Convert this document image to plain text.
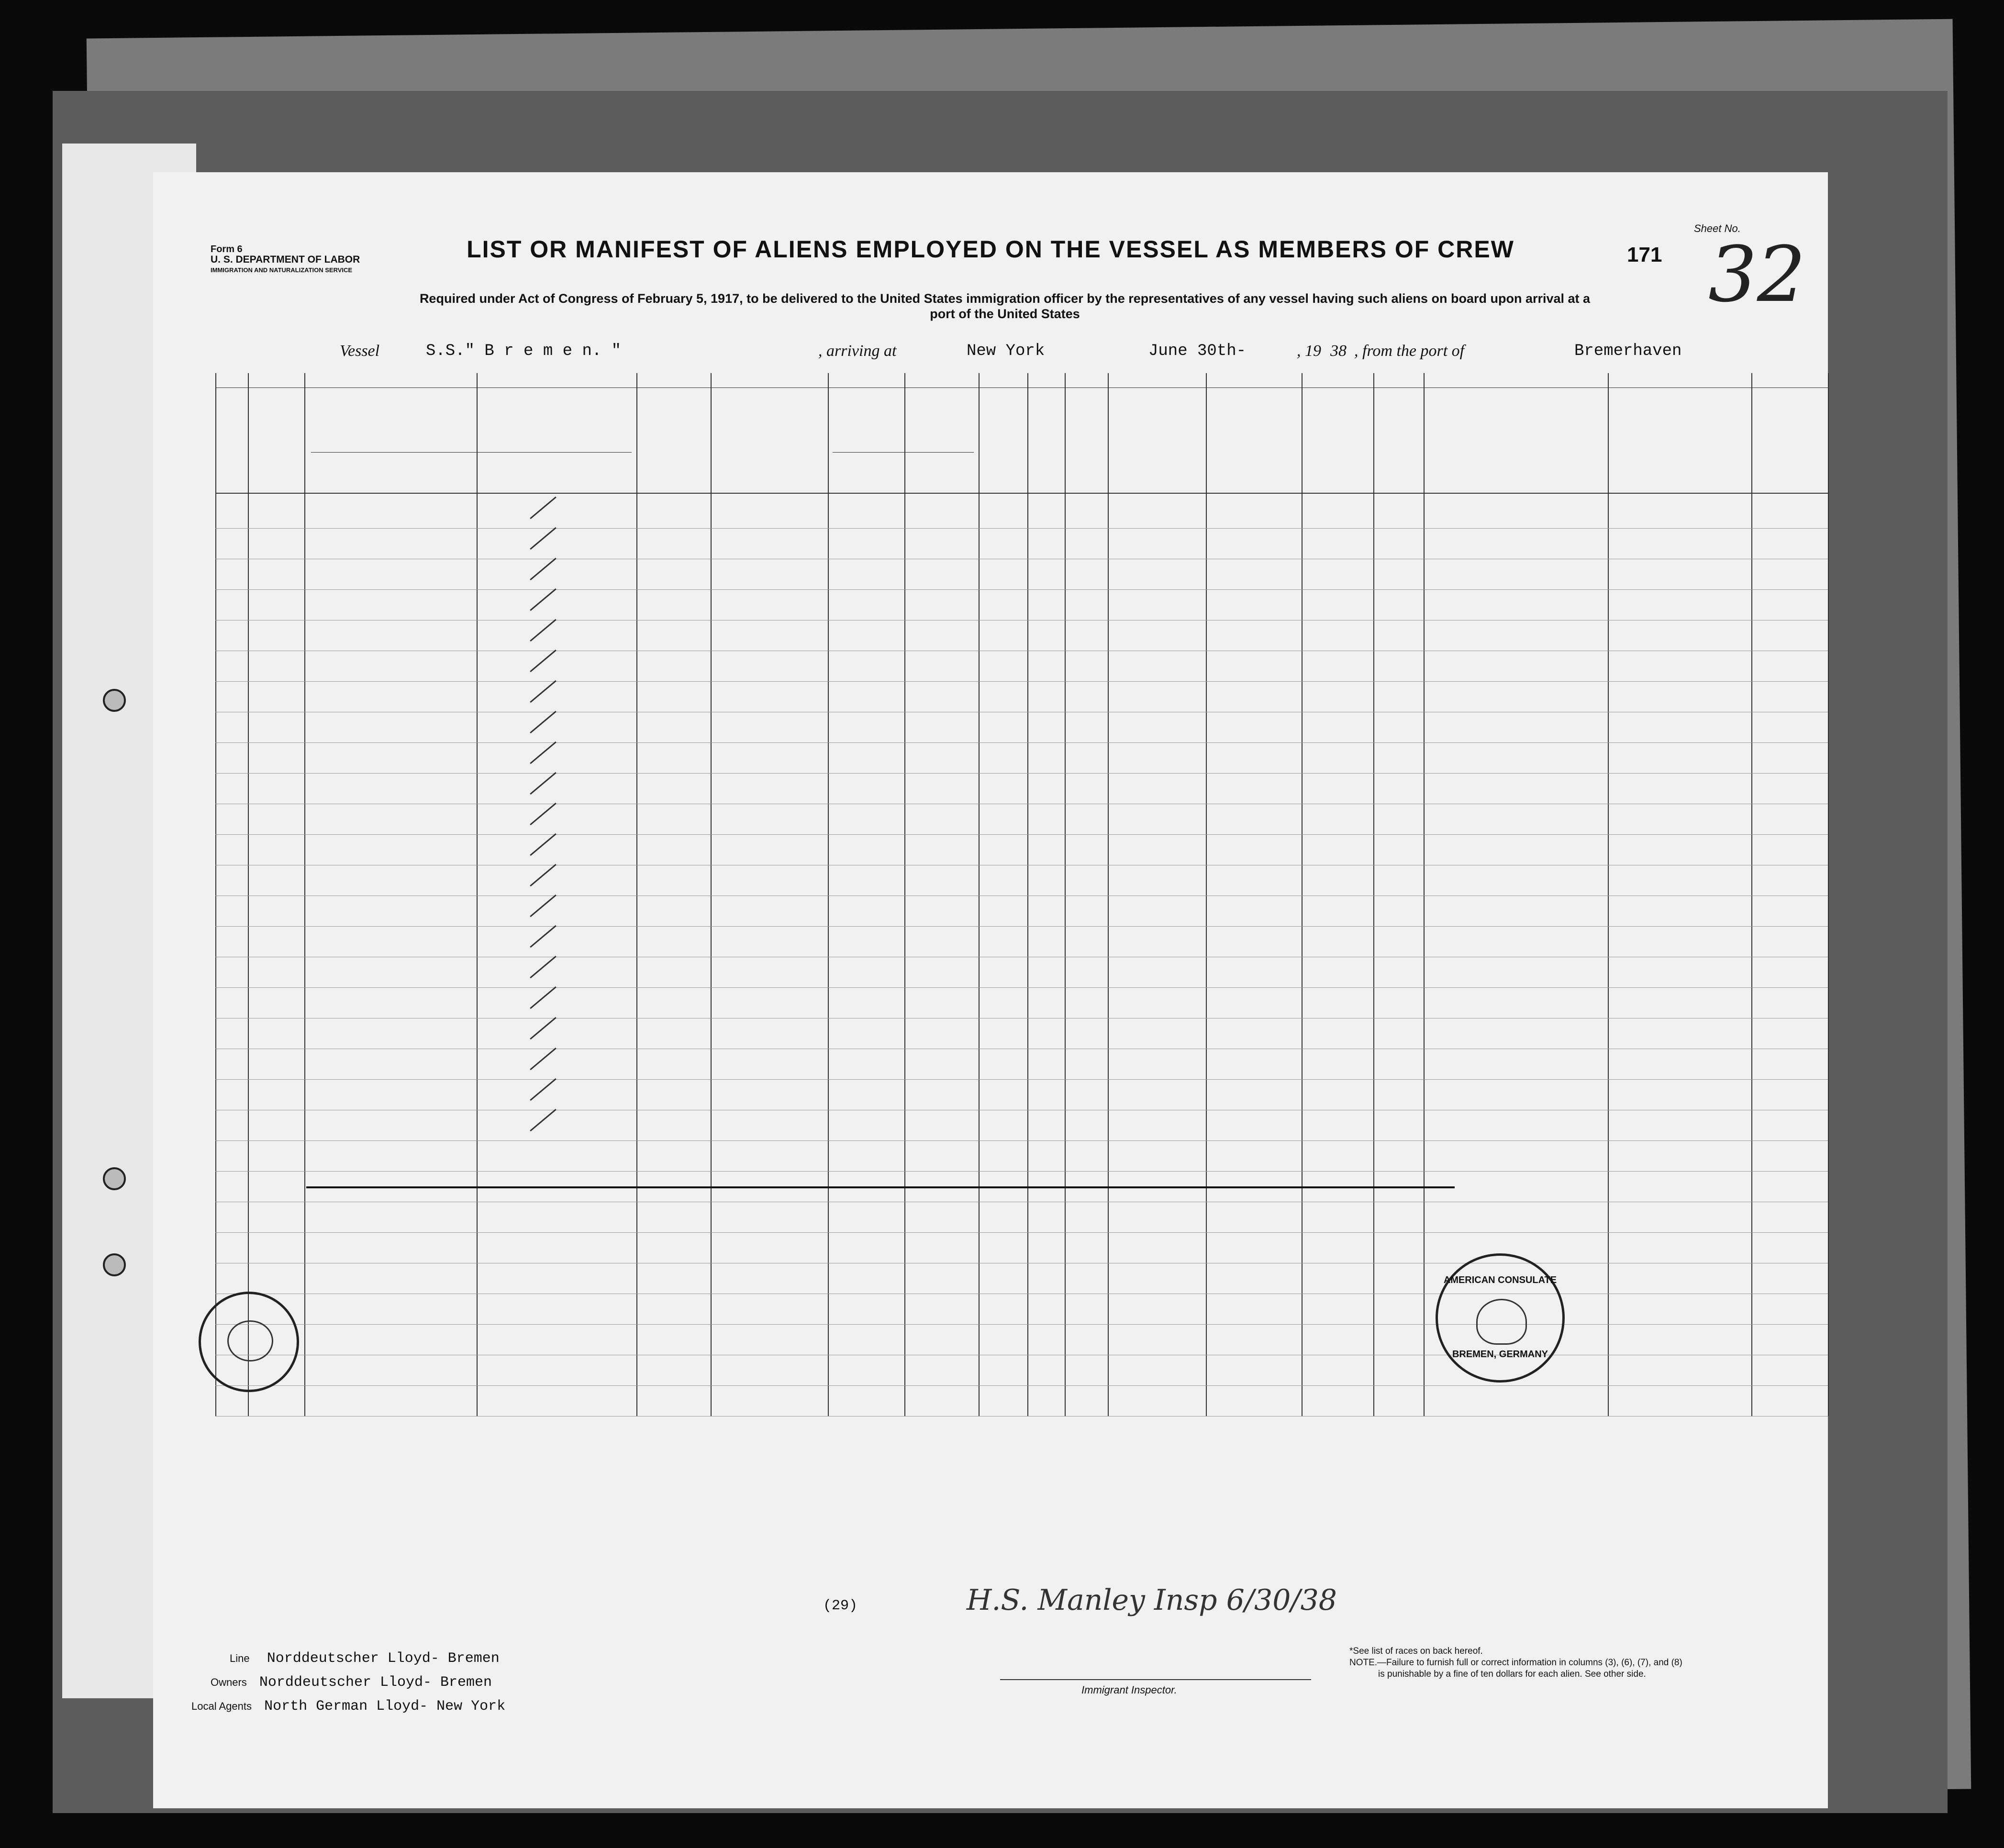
Form 6
U. S. DEPARTMENT OF LABOR
IMMIGRATION AND NATURALIZATION SERVICE
LIST OR MANIFEST OF ALIENS EMPLOYED ON THE VESSEL AS MEMBERS OF CREW	171
Sheet No.
32
Required under Act of Congress of February 5, 1917, to be delivered to the United States immigration officer by the representatives of any vessel having such aliens on board upon arrival at a
port of the United States
Vessel	S.S." B r e m e n. "	, arriving at	New York	June 30th-	, 19 38 , from the port of	Bremerhaven
(29)	H.S. Manley Insp 6/30/38
Line Norddeutscher Lloyd- Bremen
Owners Norddeutscher Lloyd- Bremen
Local Agents North German Lloyd- New York
Immigrant Inspector.
*See list of races on back hereof.
NOTE.—Failure to furnish full or correct information in columns (3), (6), (7), and (8)
is punishable by a fine of ten dollars for each alien. See other side.
AMERICAN CONSULATE
BREMEN, GERMANY
